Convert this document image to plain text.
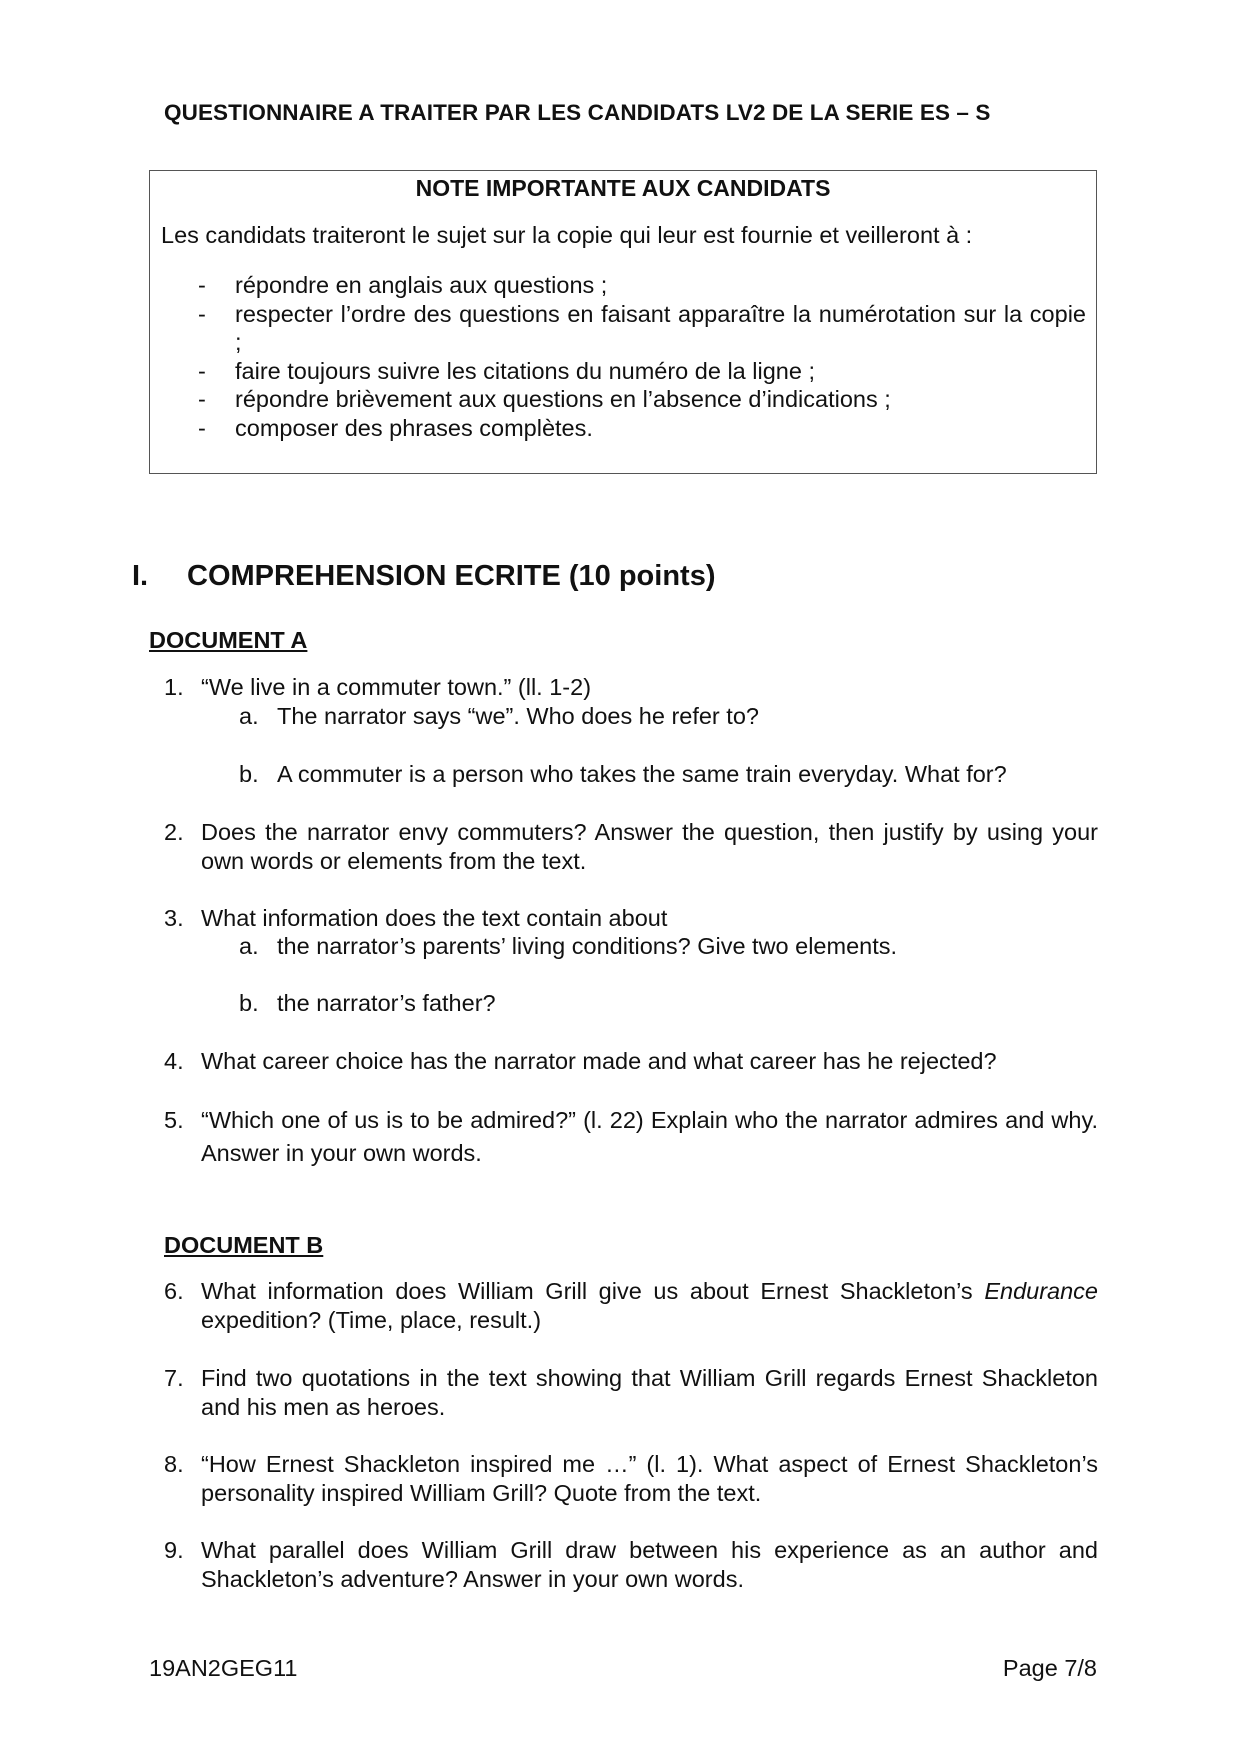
QUESTIONNAIRE A TRAITER PAR LES CANDIDATS LV2 DE LA SERIE ES – S
NOTE IMPORTANTE AUX CANDIDATS
Les candidats traiteront le sujet sur la copie qui leur est fournie et veilleront à :
- répondre en anglais aux questions ;
- respecter l’ordre des questions en faisant apparaître la numérotation sur la copie ;
- faire toujours suivre les citations du numéro de la ligne ;
- répondre brièvement aux questions en l’absence d’indications ;
- composer des phrases complètes.
I. COMPREHENSION ECRITE (10 points)
DOCUMENT A
1. “We live in a commuter town.” (ll. 1-2)
a. The narrator says “we”. Who does he refer to?
b. A commuter is a person who takes the same train everyday. What for?
2. Does the narrator envy commuters? Answer the question, then justify by using your own words or elements from the text.
3. What information does the text contain about
a. the narrator’s parents’ living conditions? Give two elements.
b. the narrator’s father?
4. What career choice has the narrator made and what career has he rejected?
5. “Which one of us is to be admired?” (l. 22) Explain who the narrator admires and why. Answer in your own words.
DOCUMENT B
6. What information does William Grill give us about Ernest Shackleton’s Endurance expedition? (Time, place, result.)
7. Find two quotations in the text showing that William Grill regards Ernest Shackleton and his men as heroes.
8. “How Ernest Shackleton inspired me …” (l. 1). What aspect of Ernest Shackleton’s personality inspired William Grill? Quote from the text.
9. What parallel does William Grill draw between his experience as an author and Shackleton’s adventure? Answer in your own words.
19AN2GEG11	Page 7/8
